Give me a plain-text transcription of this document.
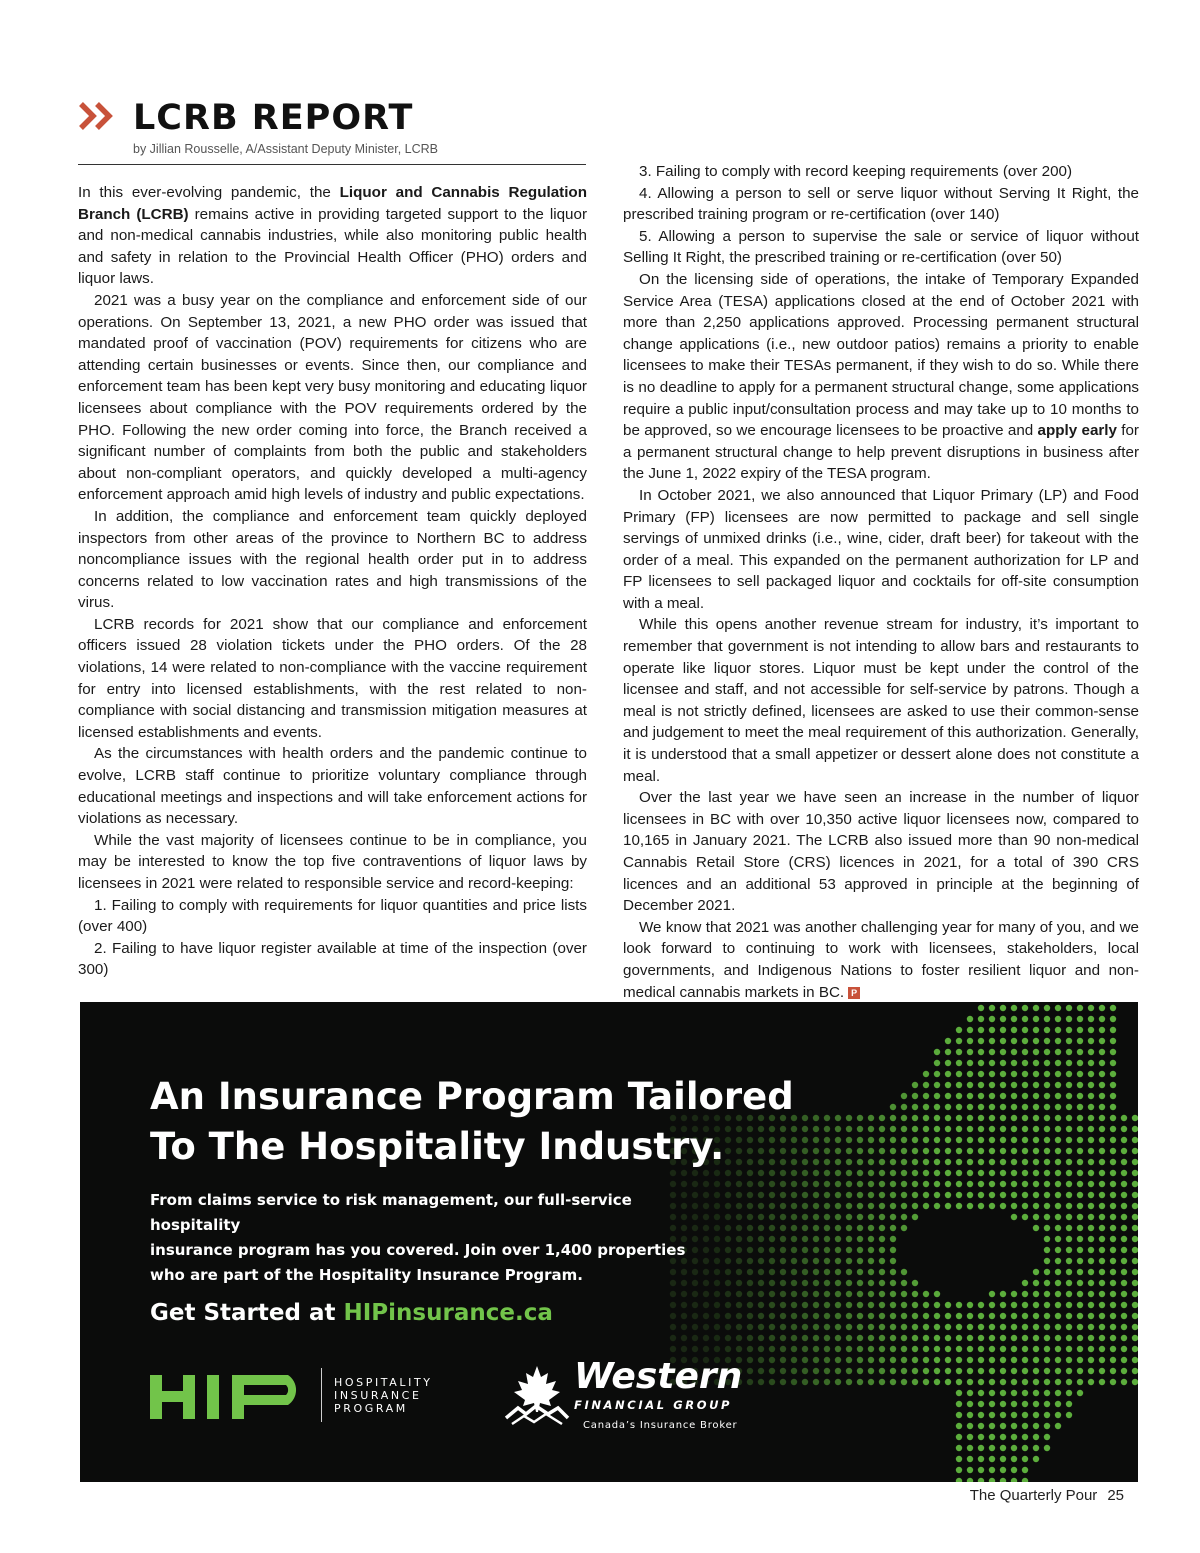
LCRB REPORT
by Jillian Rousselle, A/Assistant Deputy Minister, LCRB

In this ever-evolving pandemic, the Liquor and Cannabis Regulation Branch (LCRB) remains active in providing targeted support to the liquor and non-medical cannabis industries, while also monitoring public health and safety in relation to the Provincial Health Officer (PHO) orders and liquor laws.

2021 was a busy year on the compliance and enforcement side of our operations. On September 13, 2021, a new PHO order was issued that mandated proof of vaccination (POV) requirements for citizens who are attending certain businesses or events. Since then, our compliance and enforcement team has been kept very busy monitoring and educating liquor licensees about compliance with the POV requirements ordered by the PHO. Following the new order coming into force, the Branch received a significant number of complaints from both the public and stakeholders about non-compliant operators, and quickly developed a multi-agency enforcement approach amid high levels of industry and public expectations.

In addition, the compliance and enforcement team quickly deployed inspectors from other areas of the province to Northern BC to address noncompliance issues with the regional health order put in to address concerns related to low vaccination rates and high transmissions of the virus.

LCRB records for 2021 show that our compliance and enforcement officers issued 28 violation tickets under the PHO orders. Of the 28 violations, 14 were related to non-compliance with the vaccine requirement for entry into licensed establishments, with the rest related to non-compliance with social distancing and transmission mitigation measures at licensed establishments and events.

As the circumstances with health orders and the pandemic continue to evolve, LCRB staff continue to prioritize voluntary compliance through educational meetings and inspections and will take enforcement actions for violations as necessary.

While the vast majority of licensees continue to be in compliance, you may be interested to know the top five contraventions of liquor laws by licensees in 2021 were related to responsible service and record-keeping:

1. Failing to comply with requirements for liquor quantities and price lists (over 400)

2. Failing to have liquor register available at time of the inspection (over 300)

3. Failing to comply with record keeping requirements (over 200)

4. Allowing a person to sell or serve liquor without Serving It Right, the prescribed training program or re-certification (over 140)

5. Allowing a person to supervise the sale or service of liquor without Selling It Right, the prescribed training or re-certification (over 50)

On the licensing side of operations, the intake of Temporary Expanded Service Area (TESA) applications closed at the end of October 2021 with more than 2,250 applications approved. Processing permanent structural change applications (i.e., new outdoor patios) remains a priority to enable licensees to make their TESAs permanent, if they wish to do so. While there is no deadline to apply for a permanent structural change, some applications require a public input/consultation process and may take up to 10 months to be approved, so we encourage licensees to be proactive and apply early for a permanent structural change to help prevent disruptions in business after the June 1, 2022 expiry of the TESA program.

In October 2021, we also announced that Liquor Primary (LP) and Food Primary (FP) licensees are now permitted to package and sell single servings of unmixed drinks (i.e., wine, cider, draft beer) for takeout with the order of a meal. This expanded on the permanent authorization for LP and FP licensees to sell packaged liquor and cocktails for off-site consumption with a meal.

While this opens another revenue stream for industry, it’s important to remember that government is not intending to allow bars and restaurants to operate like liquor stores. Liquor must be kept under the control of the licensee and staff, and not accessible for self-service by patrons. Though a meal is not strictly defined, licensees are asked to use their common-sense and judgement to meet the meal requirement of this authorization. Generally, it is understood that a small appetizer or dessert alone does not constitute a meal.

Over the last year we have seen an increase in the number of liquor licensees in BC with over 10,350 active liquor licensees now, compared to 10,165 in January 2021. The LCRB also issued more than 90 non-medical Cannabis Retail Store (CRS) licences in 2021, for a total of 390 CRS licences and an additional 53 approved in principle at the beginning of December 2021.

We know that 2021 was another challenging year for many of you, and we look forward to continuing to work with licensees, stakeholders, local governments, and Indigenous Nations to foster resilient liquor and non-medical cannabis markets in BC. P

An Insurance Program Tailored
To The Hospitality Industry.
From claims service to risk management, our full-service hospitality
insurance program has you covered. Join over 1,400 properties
who are part of the Hospitality Insurance Program.
Get Started at HIPinsurance.ca
HOSPITALITY
INSURANCE
PROGRAM
Western
FINANCIAL GROUP
Canada’s Insurance Broker
The Quarterly Pour 25
